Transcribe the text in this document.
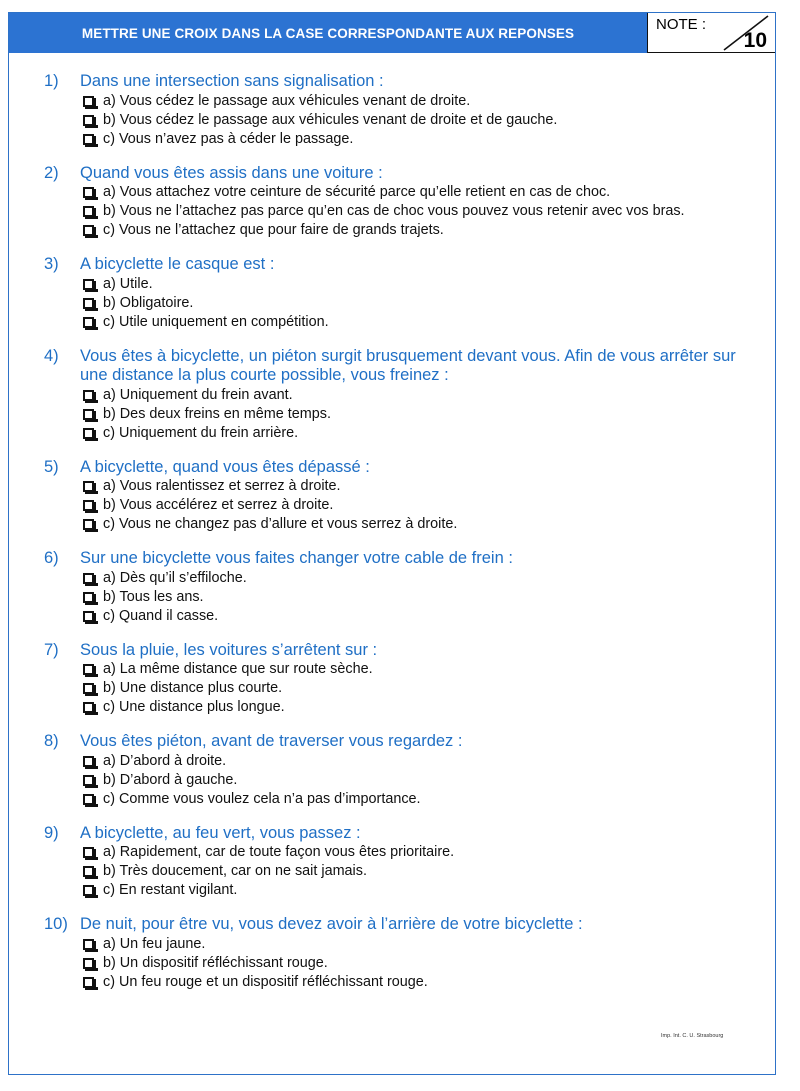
METTRE UNE CROIX DANS LA CASE CORRESPONDANTE AUX REPONSES	NOTE :
10
Imp. Int. C. U. Strasbourg
1)	Dans une intersection sans signalisation :
a) Vous cédez le passage aux véhicules venant de droite.
b) Vous cédez le passage aux véhicules venant de droite et de gauche.
c) Vous n’avez pas à céder le passage.
2)	Quand vous êtes assis dans une voiture :
a) Vous attachez votre ceinture de sécurité parce qu’elle retient en cas de choc.
b) Vous ne l’attachez pas parce qu’en cas de choc vous pouvez vous retenir avec vos bras.
c) Vous ne l’attachez que pour faire de grands trajets.
3)	A bicyclette le casque est :
a) Utile.
b) Obligatoire.
c) Utile uniquement en compétition.
4)	Vous êtes à bicyclette, un piéton surgit brusquement devant vous. Afin de vous arrêter sur une distance la plus courte possible, vous freinez :
a) Uniquement du frein avant.
b) Des deux freins en même temps.
c) Uniquement du frein arrière.
5)	A bicyclette, quand vous êtes dépassé :
a) Vous ralentissez et serrez à droite.
b) Vous accélérez et serrez à droite.
c) Vous ne changez pas d’allure et vous serrez à droite.
6)	Sur une bicyclette vous faites changer votre cable de frein :
a) Dès qu’il s’effiloche.
b) Tous les ans.
c) Quand il casse.
7)	Sous la pluie, les voitures s’arrêtent sur :
a) La même distance que sur route sèche.
b) Une distance plus courte.
c) Une distance plus longue.
8)	Vous êtes piéton, avant de traverser vous regardez :
a) D’abord à droite.
b) D’abord à gauche.
c) Comme vous voulez cela n’a pas d’importance.
9)	A bicyclette, au feu vert, vous passez :
a) Rapidement, car de toute façon vous êtes prioritaire.
b) Très doucement, car on ne sait jamais.
c) En restant vigilant.
10) De nuit, pour être vu, vous devez avoir à l’arrière de votre bicyclette :
a) Un feu jaune.
b) Un dispositif réfléchissant rouge.
c) Un feu rouge et un dispositif réfléchissant rouge.
